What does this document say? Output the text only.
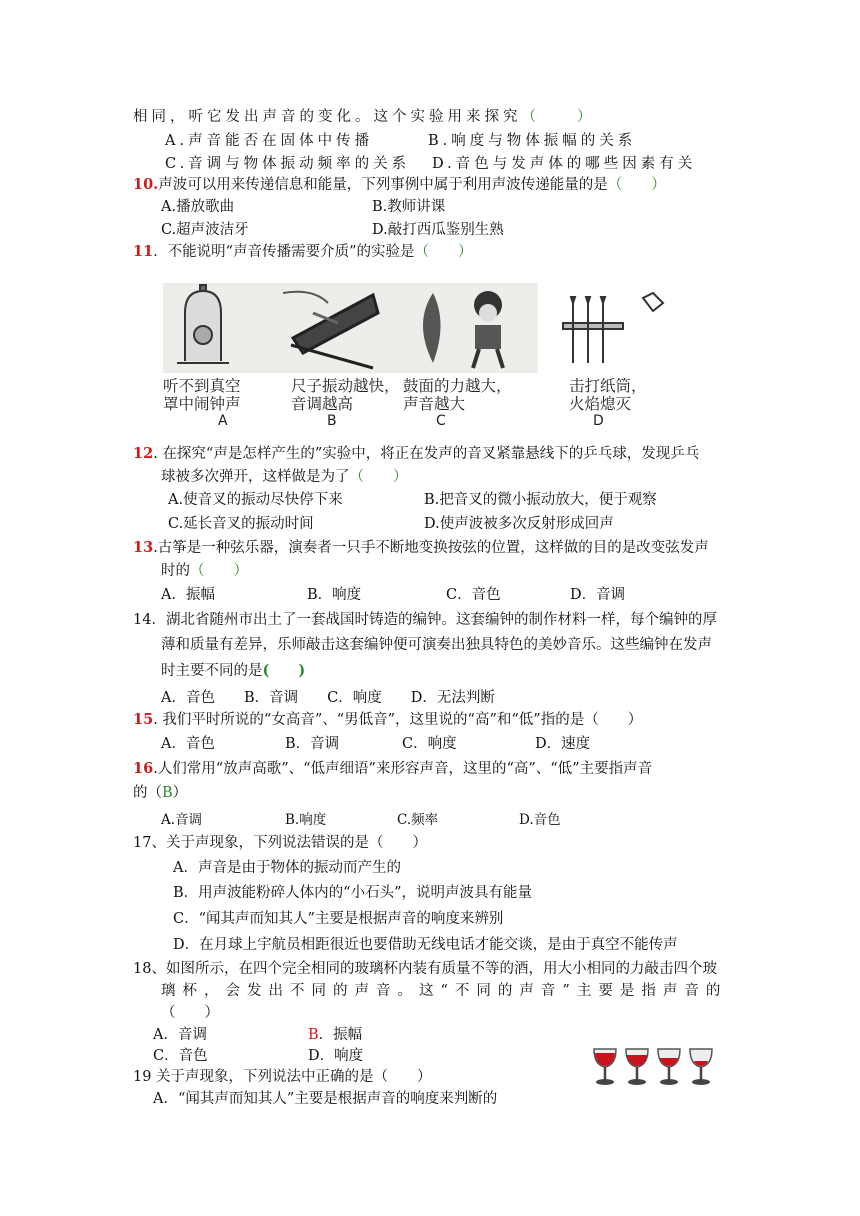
相同，听它发出声音的变化。这个实验用来探究（　　）
A.声音能否在固体中传播	B.响度与物体振幅的关系
C.音调与物体振动频率的关系 D.音色与发声体的哪些因素有关
10.声波可以用来传递信息和能量，下列事例中属于利用声波传递能量的是（　　）
A.播放歌曲	B.教师讲课
C.超声波洁牙	D.敲打西瓜鉴别生熟
11．不能说明“声音传播需要介质”的实验是（　　）
听不到真空
罩中闹钟声
A
尺子振动越快，
音调越高
B
鼓面的力越大，
声音越大
C
击打纸筒，
火焰熄灭
D
12. 在探究“声是怎样产生的”实验中，将正在发声的音叉紧靠悬线下的乒乓球，发现乒乓
球被多次弹开，这样做是为了（　　）
A.使音叉的振动尽快停下来	B.把音叉的微小振动放大，便于观察
C.延长音叉的振动时间	D.使声波被多次反射形成回声
13.古筝是一种弦乐器，演奏者一只手不断地变换按弦的位置，这样做的目的是改变弦发声
时的（　　）
A．振幅	B．响度	C．音色	D．音调
14．湖北省随州市出土了一套战国时铸造的编钟。这套编钟的制作材料一样，每个编钟的厚
薄和质量有差异，乐师敲击这套编钟便可演奏出独具特色的美妙音乐。这些编钟在发声
时主要不同的是(　　)
A．音色　　B．音调　　C．响度　　D．无法判断
15. 我们平时所说的“女高音”、“男低音”，这里说的“高”和“低”指的是（　　）
A．音色	B．音调	C．响度	D．速度
16.人们常用“放声高歌”、“低声细语”来形容声音，这里的“高”、“低”主要指声音
的（B）
A.音调	B.响度	C.频率	D.音色
17、关于声现象，下列说法错误的是（　　）
A．声音是由于物体的振动而产生的
B．用声波能粉碎人体内的“小石头”，说明声波具有能量
C．“闻其声而知其人”主要是根据声音的响度来辨别
D．在月球上宇航员相距很近也要借助无线电话才能交谈，是由于真空不能传声
18、如图所示，在四个完全相同的玻璃杯内装有质量不等的酒，用大小相同的力敲击四个玻
璃杯，会发出不同的声音。这“不同的声音”主要是指声音的
（　　）
A．音调	B．振幅
C．音色	D．响度
19 关于声现象，下列说法中正确的是（　　）
A．“闻其声而知其人”主要是根据声音的响度来判断的
